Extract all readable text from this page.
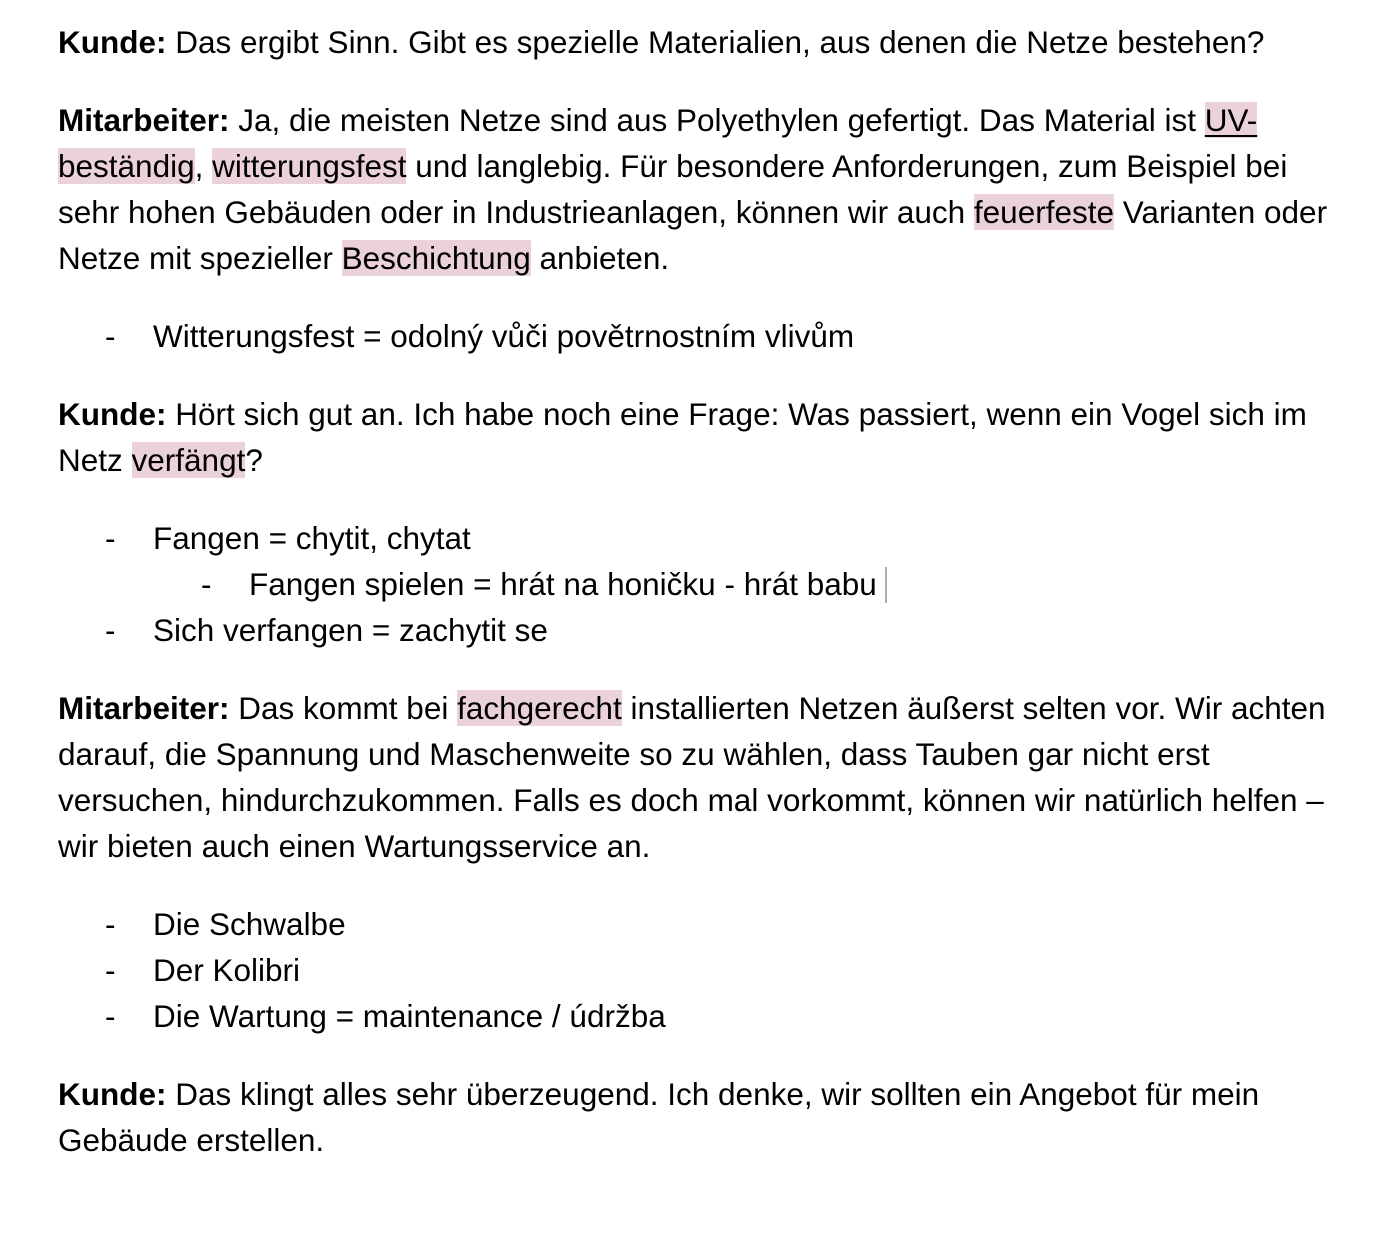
Kunde: Das ergibt Sinn. Gibt es spezielle Materialien, aus denen die Netze bestehen?

Mitarbeiter: Ja, die meisten Netze sind aus Polyethylen gefertigt. Das Material ist UV-beständig, witterungsfest und langlebig. Für besondere Anforderungen, zum Beispiel bei sehr hohen Gebäuden oder in Industrieanlagen, können wir auch feuerfeste Varianten oder Netze mit spezieller Beschichtung anbieten.

- Witterungsfest = odolný vůči povětrnostním vlivům

Kunde: Hört sich gut an. Ich habe noch eine Frage: Was passiert, wenn ein Vogel sich im Netz verfängt?

- Fangen = chytit, chytat
- Fangen spielen = hrát na honičku - hrát babu
- Sich verfangen = zachytit se

Mitarbeiter: Das kommt bei fachgerecht installierten Netzen äußerst selten vor. Wir achten darauf, die Spannung und Maschenweite so zu wählen, dass Tauben gar nicht erst versuchen, hindurchzukommen. Falls es doch mal vorkommt, können wir natürlich helfen – wir bieten auch einen Wartungsservice an.

- Die Schwalbe
- Der Kolibri
- Die Wartung = maintenance / údržba

Kunde: Das klingt alles sehr überzeugend. Ich denke, wir sollten ein Angebot für mein Gebäude erstellen.
